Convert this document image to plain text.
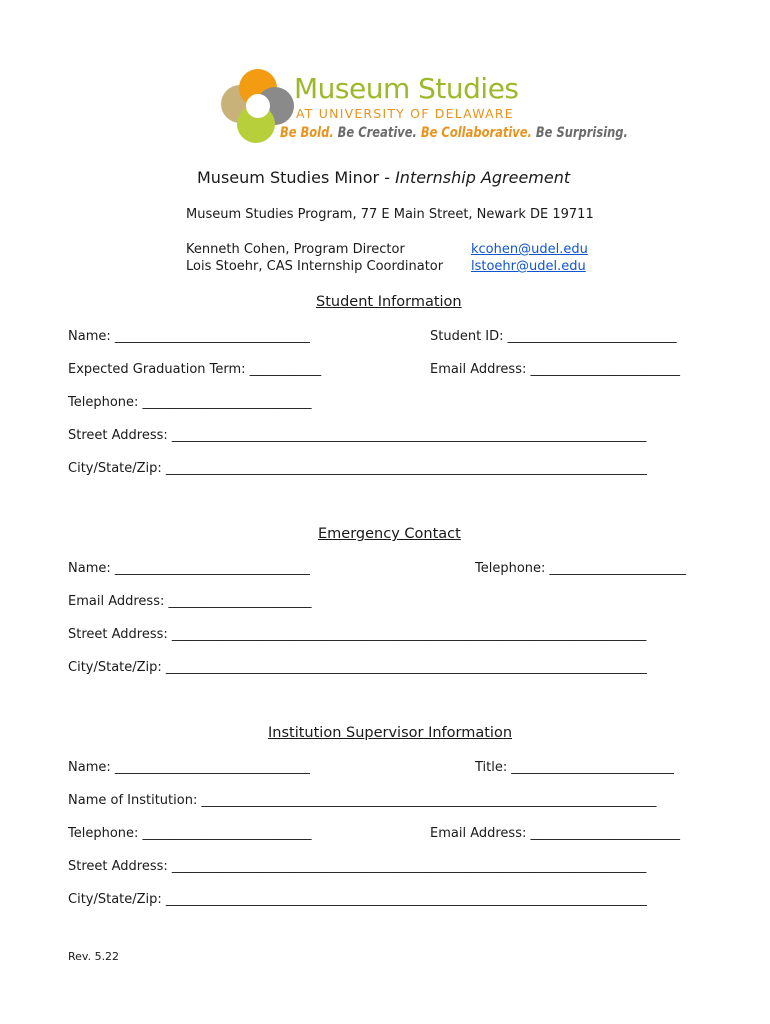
Museum Studies
AT UNIVERSITY OF DELAWARE
Be Bold. Be Creative. Be Collaborative. Be Surprising.
Museum Studies Minor - Internship Agreement
Museum Studies Program, 77 E Main Street, Newark DE 19711
Kenneth Cohen, Program Director	kcohen@udel.edu
Lois Stoehr, CAS Internship Coordinator lstoehr@udel.edu
Student Information
Name: ______________________________	Student ID: __________________________
Expected Graduation Term: ___________	Email Address: _______________________
Telephone: __________________________
Street Address: _________________________________________________________________________
City/State/Zip: __________________________________________________________________________
Emergency Contact
Name: ______________________________	Telephone: _____________________
Email Address: ______________________
Street Address: _________________________________________________________________________
City/State/Zip: __________________________________________________________________________
Institution Supervisor Information
Name: ______________________________	Title: _________________________
Name of Institution: ______________________________________________________________________
Telephone: __________________________	Email Address: _______________________
Street Address: _________________________________________________________________________
City/State/Zip: __________________________________________________________________________
Rev. 5.22
